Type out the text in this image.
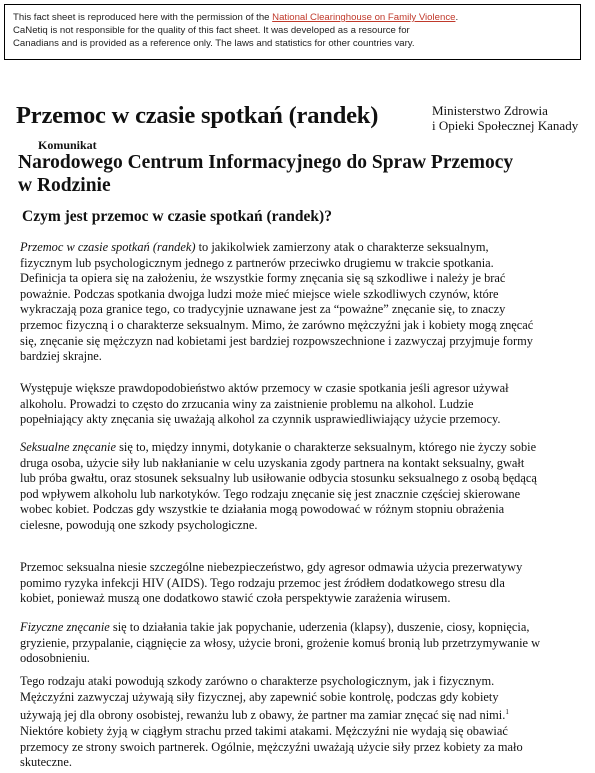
This fact sheet is reproduced here with the permission of the National Clearinghouse on Family Violence.
CaNetiq is not responsible for the quality of this fact sheet. It was developed as a resource for
Canadians and is provided as a reference only. The laws and statistics for other countries vary.
Przemoc w czasie spotkań (randek)	Ministerstwo Zdrowia
i Opieki Społecznej Kanady
Komunikat
Narodowego Centrum Informacyjnego do Spraw Przemocy
w Rodzinie
Czym jest przemoc w czasie spotkań (randek)?
Przemoc w czasie spotkań (randek) to jakikolwiek zamierzony atak o charakterze seksualnym,
fizycznym lub psychologicznym jednego z partnerów przeciwko drugiemu w trakcie spotkania.
Definicja ta opiera się na założeniu, że wszystkie formy znęcania się są szkodliwe i należy je brać
poważnie. Podczas spotkania dwojga ludzi może mieć miejsce wiele szkodliwych czynów, które
wykraczają poza granice tego, co tradycyjnie uznawane jest za “poważne” znęcanie się, to znaczy
przemoc fizyczną i o charakterze seksualnym. Mimo, że zarówno mężczyźni jak i kobiety mogą znęcać
się, znęcanie się mężczyzn nad kobietami jest bardziej rozpowszechnione i zazwyczaj przyjmuje formy
bardziej skrajne.
Występuje większe prawdopodobieństwo aktów przemocy w czasie spotkania jeśli agresor używał
alkoholu. Prowadzi to często do zrzucania winy za zaistnienie problemu na alkohol. Ludzie
popełniający akty znęcania się uważają alkohol za czynnik usprawiedliwiający użycie przemocy.
Seksualne znęcanie się to, między innymi, dotykanie o charakterze seksualnym, którego nie życzy sobie
druga osoba, użycie siły lub nakłanianie w celu uzyskania zgody partnera na kontakt seksualny, gwałt
lub próba gwałtu, oraz stosunek seksualny lub usiłowanie odbycia stosunku seksualnego z osobą będącą
pod wpływem alkoholu lub narkotyków. Tego rodzaju znęcanie się jest znacznie częściej skierowane
wobec kobiet. Podczas gdy wszystkie te działania mogą powodować w różnym stopniu obrażenia
cielesne, powodują one szkody psychologiczne.
Przemoc seksualna niesie szczególne niebezpieczeństwo, gdy agresor odmawia użycia prezerwatywy
pomimo ryzyka infekcji HIV (AIDS). Tego rodzaju przemoc jest źródłem dodatkowego stresu dla
kobiet, ponieważ muszą one dodatkowo stawić czoła perspektywie zarażenia wirusem.
Fizyczne znęcanie się to działania takie jak popychanie, uderzenia (klapsy), duszenie, ciosy, kopnięcia,
gryzienie, przypalanie, ciągnięcie za włosy, użycie broni, grożenie komuś bronią lub przetrzymywanie w
odosobnieniu.
Tego rodzaju ataki powodują szkody zarówno o charakterze psychologicznym, jak i fizycznym.
Mężczyźni zazwyczaj używają siły fizycznej, aby zapewnić sobie kontrolę, podczas gdy kobiety
używają jej dla obrony osobistej, rewanżu lub z obawy, że partner ma zamiar znęcać się nad nimi.$^1$
Niektóre kobiety żyją w ciągłym strachu przed takimi atakami. Mężczyźni nie wydają się obawiać
przemocy ze strony swoich partnerek. Ogólnie, mężczyźni uważają użycie siły przez kobiety za mało
skuteczne.
